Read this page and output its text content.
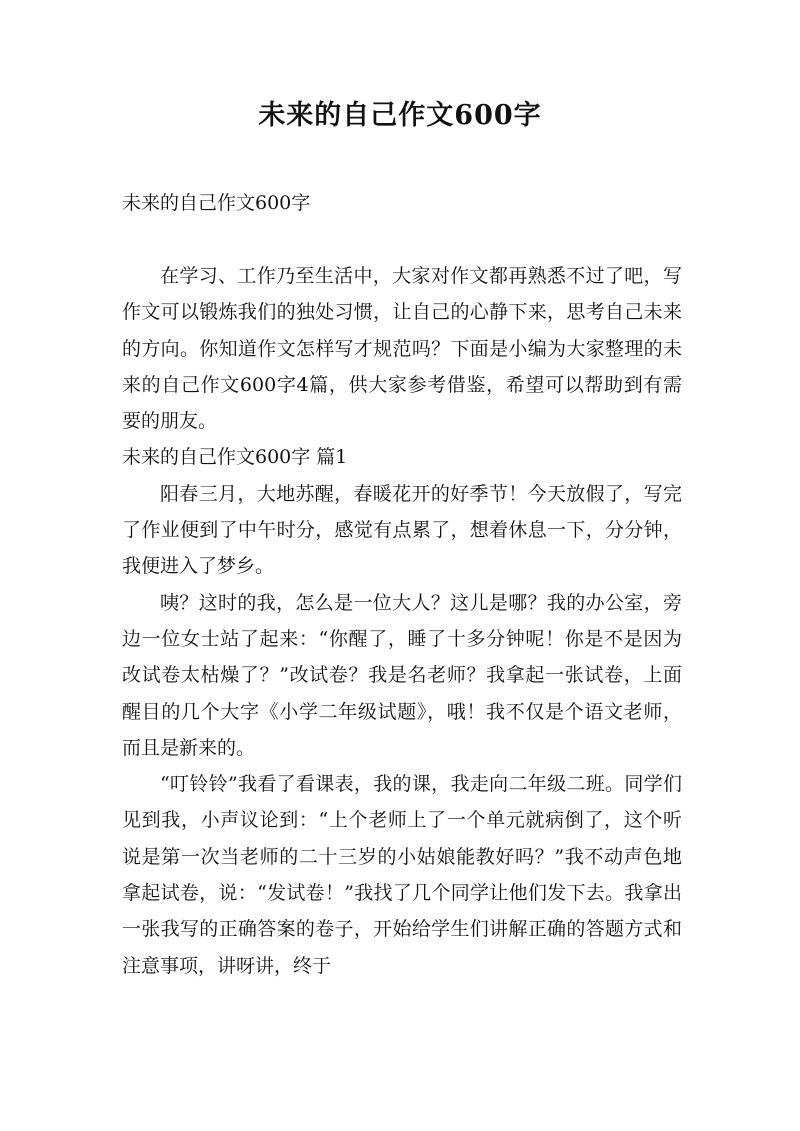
未来的自己作文600字
未来的自己作文600字

在学习、工作乃至生活中，大家对作文都再熟悉不过了吧，写作文可以锻炼我们的独处习惯，让自己的心静下来，思考自己未来的方向。你知道作文怎样写才规范吗？下面是小编为大家整理的未来的自己作文600字4篇，供大家参考借鉴，希望可以帮助到有需要的朋友。

未来的自己作文600字 篇1

阳春三月，大地苏醒，春暖花开的好季节！今天放假了，写完了作业便到了中午时分，感觉有点累了，想着休息一下，分分钟，我便进入了梦乡。

咦？这时的我，怎么是一位大人？这儿是哪？我的办公室，旁边一位女士站了起来：“你醒了，睡了十多分钟呢！你是不是因为改试卷太枯燥了？”改试卷？我是名老师？我拿起一张试卷，上面醒目的几个大字《小学二年级试题》，哦！我不仅是个语文老师，而且是新来的。

“叮铃铃”我看了看课表，我的课，我走向二年级二班。同学们见到我，小声议论到：“上个老师上了一个单元就病倒了，这个听说是第一次当老师的二十三岁的小姑娘能教好吗？”我不动声色地拿起试卷，说：“发试卷！”我找了几个同学让他们发下去。我拿出一张我写的正确答案的卷子，开始给学生们讲解正确的答题方式和注意事项，讲呀讲，终于
